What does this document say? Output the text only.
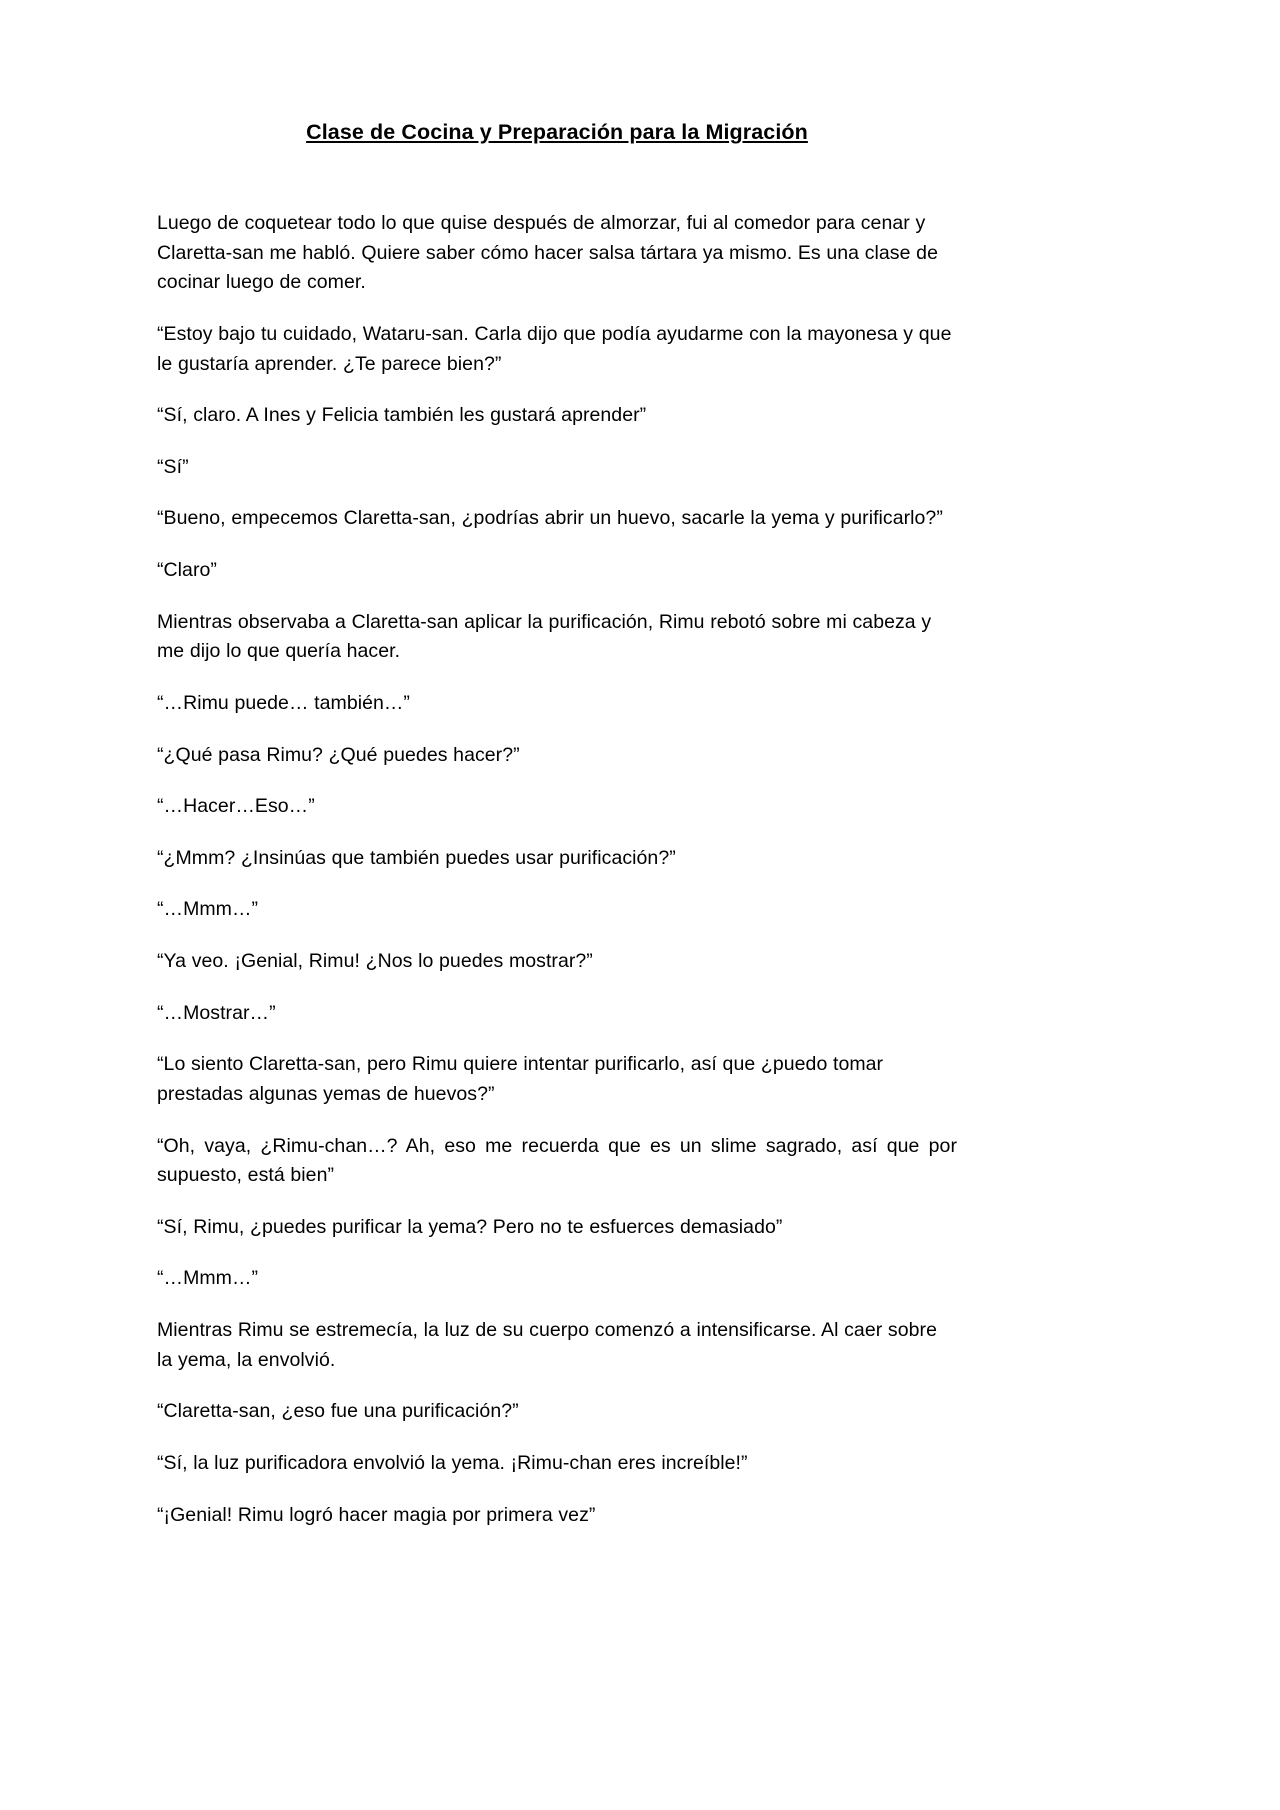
Clase de Cocina y Preparación para la Migración

Luego de coquetear todo lo que quise después de almorzar, fui al comedor para cenar y Claretta-san me habló. Quiere saber cómo hacer salsa tártara ya mismo. Es una clase de cocinar luego de comer.

“Estoy bajo tu cuidado, Wataru-san. Carla dijo que podía ayudarme con la mayonesa y que le gustaría aprender. ¿Te parece bien?”

“Sí, claro. A Ines y Felicia también les gustará aprender”

“Sí”

“Bueno, empecemos Claretta-san, ¿podrías abrir un huevo, sacarle la yema y purificarlo?”

“Claro”

Mientras observaba a Claretta-san aplicar la purificación, Rimu rebotó sobre mi cabeza y me dijo lo que quería hacer.

“…Rimu puede… también…”

“¿Qué pasa Rimu? ¿Qué puedes hacer?”

“…Hacer…Eso…”

“¿Mmm? ¿Insinúas que también puedes usar purificación?”

“…Mmm…”

“Ya veo. ¡Genial, Rimu! ¿Nos lo puedes mostrar?”

“…Mostrar…”

“Lo siento Claretta-san, pero Rimu quiere intentar purificarlo, así que ¿puedo tomar prestadas algunas yemas de huevos?”

“Oh, vaya, ¿Rimu-chan…? Ah, eso me recuerda que es un slime sagrado, así que por supuesto, está bien”

“Sí, Rimu, ¿puedes purificar la yema? Pero no te esfuerces demasiado”

“…Mmm…”

Mientras Rimu se estremecía, la luz de su cuerpo comenzó a intensificarse. Al caer sobre la yema, la envolvió.

“Claretta-san, ¿eso fue una purificación?”

“Sí, la luz purificadora envolvió la yema. ¡Rimu-chan eres increíble!”

“¡Genial! Rimu logró hacer magia por primera vez”
